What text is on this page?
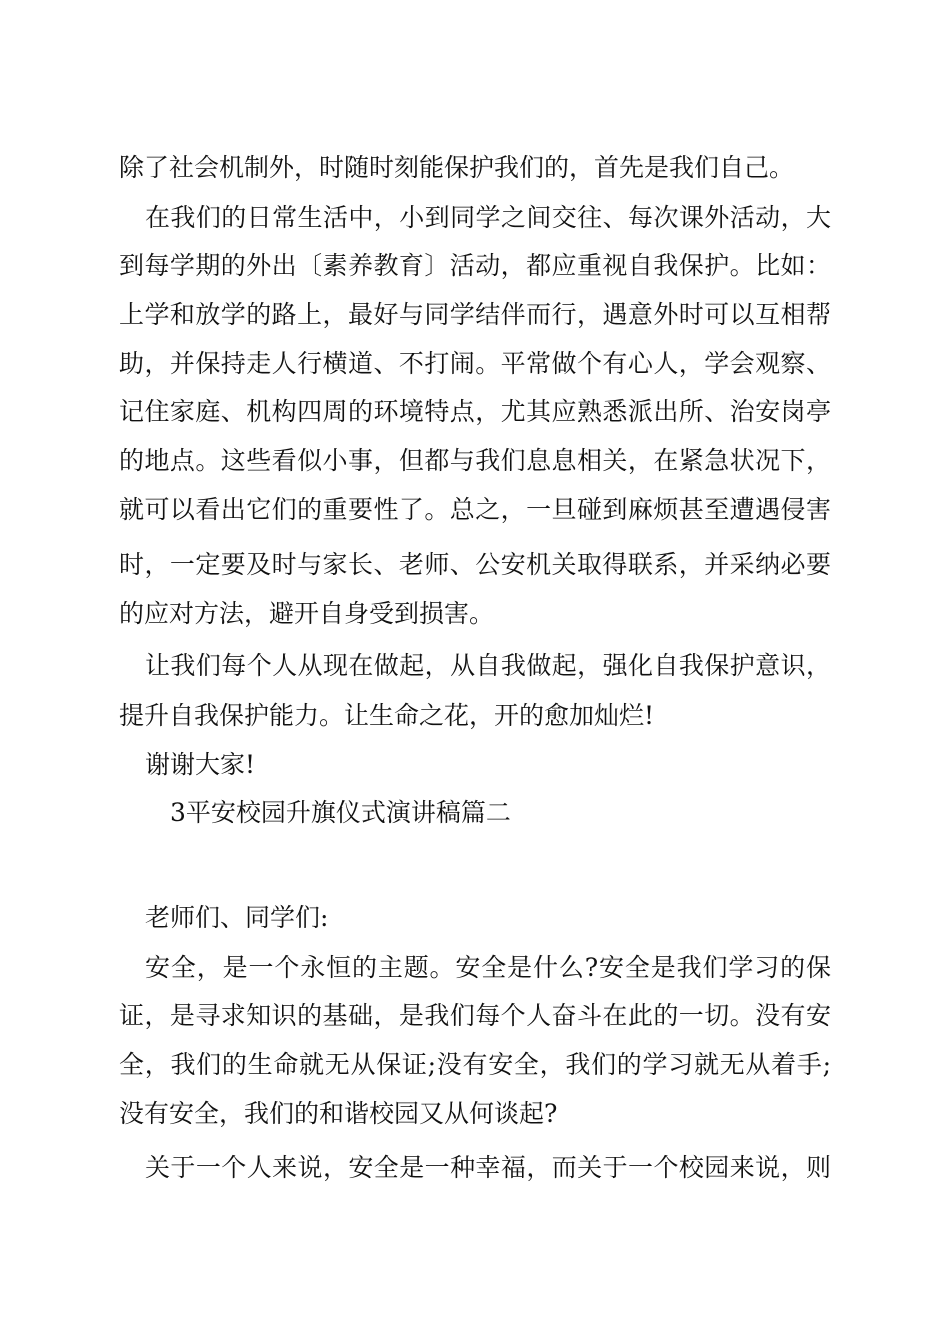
除了社会机制外，时随时刻能保护我们的，首先是我们自己。
在我们的日常生活中，小到同学之间交往、每次课外活动，大
到每学期的外出〔素养教育〕活动，都应重视自我保护。比如：
上学和放学的路上，最好与同学结伴而行，遇意外时可以互相帮
助，并保持走人行横道、不打闹。平常做个有心人，学会观察、
记住家庭、机构四周的环境特点，尤其应熟悉派出所、治安岗亭
的地点。这些看似小事，但都与我们息息相关，在紧急状况下，
就可以看出它们的重要性了。总之，一旦碰到麻烦甚至遭遇侵害
时，一定要及时与家长、老师、公安机关取得联系，并采纳必要
的应对方法，避开自身受到损害。
让我们每个人从现在做起，从自我做起，强化自我保护意识，
提升自我保护能力。让生命之花，开的愈加灿烂!
谢谢大家!
3平安校园升旗仪式演讲稿篇二
老师们、同学们:
安全，是一个永恒的主题。安全是什么?安全是我们学习的保
证，是寻求知识的基础，是我们每个人奋斗在此的一切。没有安
全，我们的生命就无从保证;没有安全，我们的学习就无从着手;
没有安全，我们的和谐校园又从何谈起?
关于一个人来说，安全是一种幸福，而关于一个校园来说，则
